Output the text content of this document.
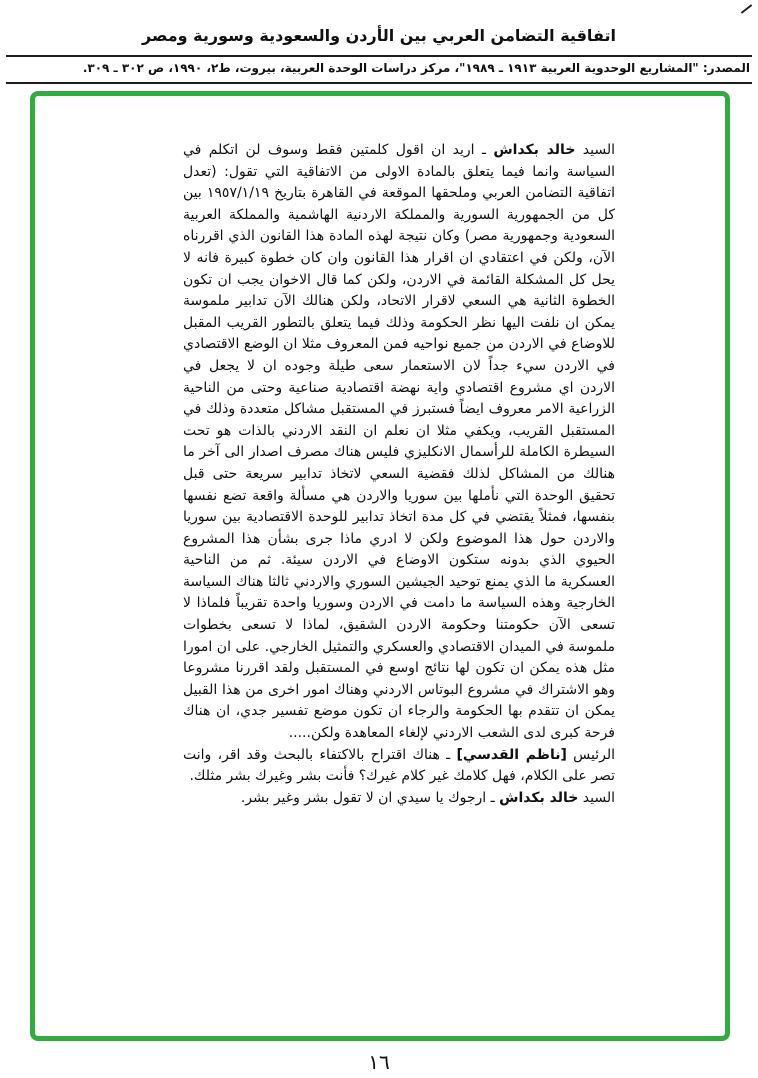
اتفاقية التضامن العربي بين الأردن والسعودية وسورية ومصر
المصدر: "المشاريع الوحدوية العربية ١٩١٣ ـ ١٩٨٩"، مركز دراسات الوحدة العربية، بيروت، ط٢، ١٩٩٠، ص ٣٠٢ ـ ٣٠٩.

السيد خالد بكداش ـ اريد ان اقول كلمتين فقط وسوف لن اتكلم في السياسة وانما فيما يتعلق بالمادة الاولى من الاتفاقية التي تقول: (تعدل اتفاقية التضامن العربي وملحقها الموقعة في القاهرة بتاريخ ١٩٥٧/١/١٩ بين كل من الجمهورية السورية والمملكة الاردنية الهاشمية والمملكة العربية السعودية وجمهورية مصر) وكان نتيجة لهذه المادة هذا القانون الذي اقررناه الآن، ولكن في اعتقادي ان اقرار هذا القانون وان كان خطوة كبيرة فانه لا يحل كل المشكلة القائمة في الاردن، ولكن كما قال الاخوان يجب ان تكون الخطوة الثانية هي السعي لاقرار الاتحاد، ولكن هنالك الآن تدابير ملموسة يمكن ان نلفت اليها نظر الحكومة وذلك فيما يتعلق بالتطور القريب المقبل للاوضاع في الاردن من جميع نواحيه فمن المعروف مثلا ان الوضع الاقتصادي في الاردن سيء جداً لان الاستعمار سعى طيلة وجوده ان لا يجعل في الاردن اي مشروع اقتصادي واية نهضة اقتصادية صناعية وحتى من الناحية الزراعية الامر معروف ايضاً فستبرز في المستقبل مشاكل متعددة وذلك في المستقبل القريب، ويكفي مثلا ان نعلم ان النقد الاردني بالذات هو تحت السيطرة الكاملة للرأسمال الانكليزي فليس هناك مصرف اصدار الى آخر ما هنالك من المشاكل لذلك فقضية السعي لاتخاذ تدابير سريعة حتى قبل تحقيق الوحدة التي نأملها بين سوريا والاردن هي مسألة واقعة تضع نفسها بنفسها، فمثلاً يقتضي في كل مدة اتخاذ تدابير للوحدة الاقتصادية بين سوريا والاردن حول هذا الموضوع ولكن لا ادري ماذا جرى بشأن هذا المشروع الحيوي الذي بدونه ستكون الاوضاع في الاردن سيئة. ثم من الناحية العسكرية ما الذي يمنع توحيد الجيشين السوري والاردني ثالثا هناك السياسة الخارجية وهذه السياسة ما دامت في الاردن وسوريا واحدة تقريباً فلماذا لا تسعى الآن حكومتنا وحكومة الاردن الشقيق، لماذا لا تسعى بخطوات ملموسة في الميدان الاقتصادي والعسكري والتمثيل الخارجي. على ان امورا مثل هذه يمكن ان تكون لها نتائج اوسع في المستقبل ولقد اقررنا مشروعا وهو الاشتراك في مشروع البوتاس الاردني وهناك امور اخرى من هذا القبيل يمكن ان تتقدم بها الحكومة والرجاء ان تكون موضع تفسير جدي، ان هناك فرحة كبرى لدى الشعب الاردني لإلغاء المعاهدة ولكن.....

الرئيس [ناظم القدسي] ـ هناك اقتراح بالاكتفاء بالبحث وقد اقر، وانت تصر على الكلام، فهل كلامك غير كلام غيرك؟ فأنت بشر وغيرك بشر مثلك.

السيد خالد بكداش ـ ارجوك يا سيدي ان لا تقول بشر وغير بشر.

١٦
